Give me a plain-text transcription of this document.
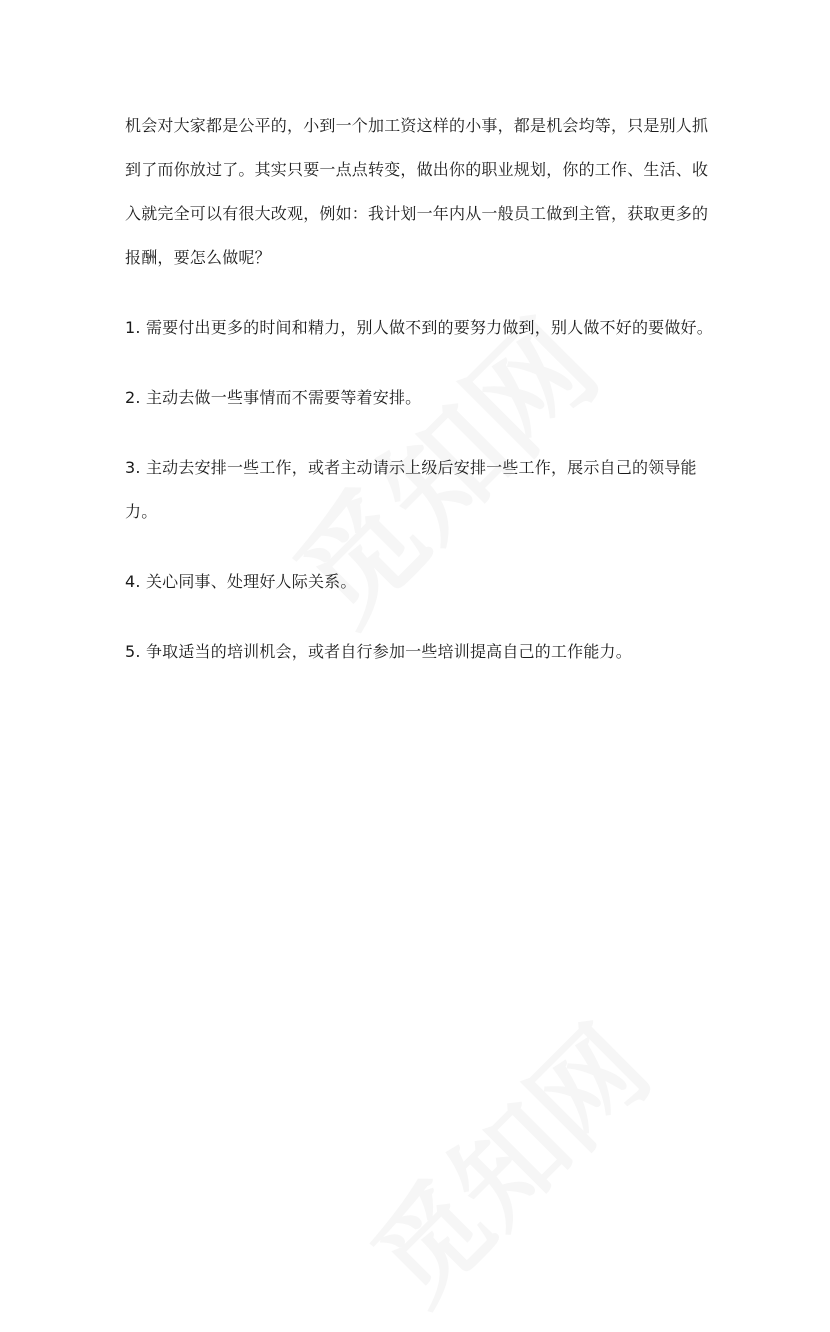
机会对大家都是公平的，小到一个加工资这样的小事，都是机会均等，只是别人抓到了而你放过了。其实只要一点点转变，做出你的职业规划，你的工作、生活、收入就完全可以有很大改观，例如：我计划一年内从一般员工做到主管，获取更多的报酬，要怎么做呢？

1. 需要付出更多的时间和精力，别人做不到的要努力做到，别人做不好的要做好。

2. 主动去做一些事情而不需要等着安排。

3. 主动去安排一些工作，或者主动请示上级后安排一些工作，展示自己的领导能力。

4. 关心同事、处理好人际关系。

5. 争取适当的培训机会，或者自行参加一些培训提高自己的工作能力。
